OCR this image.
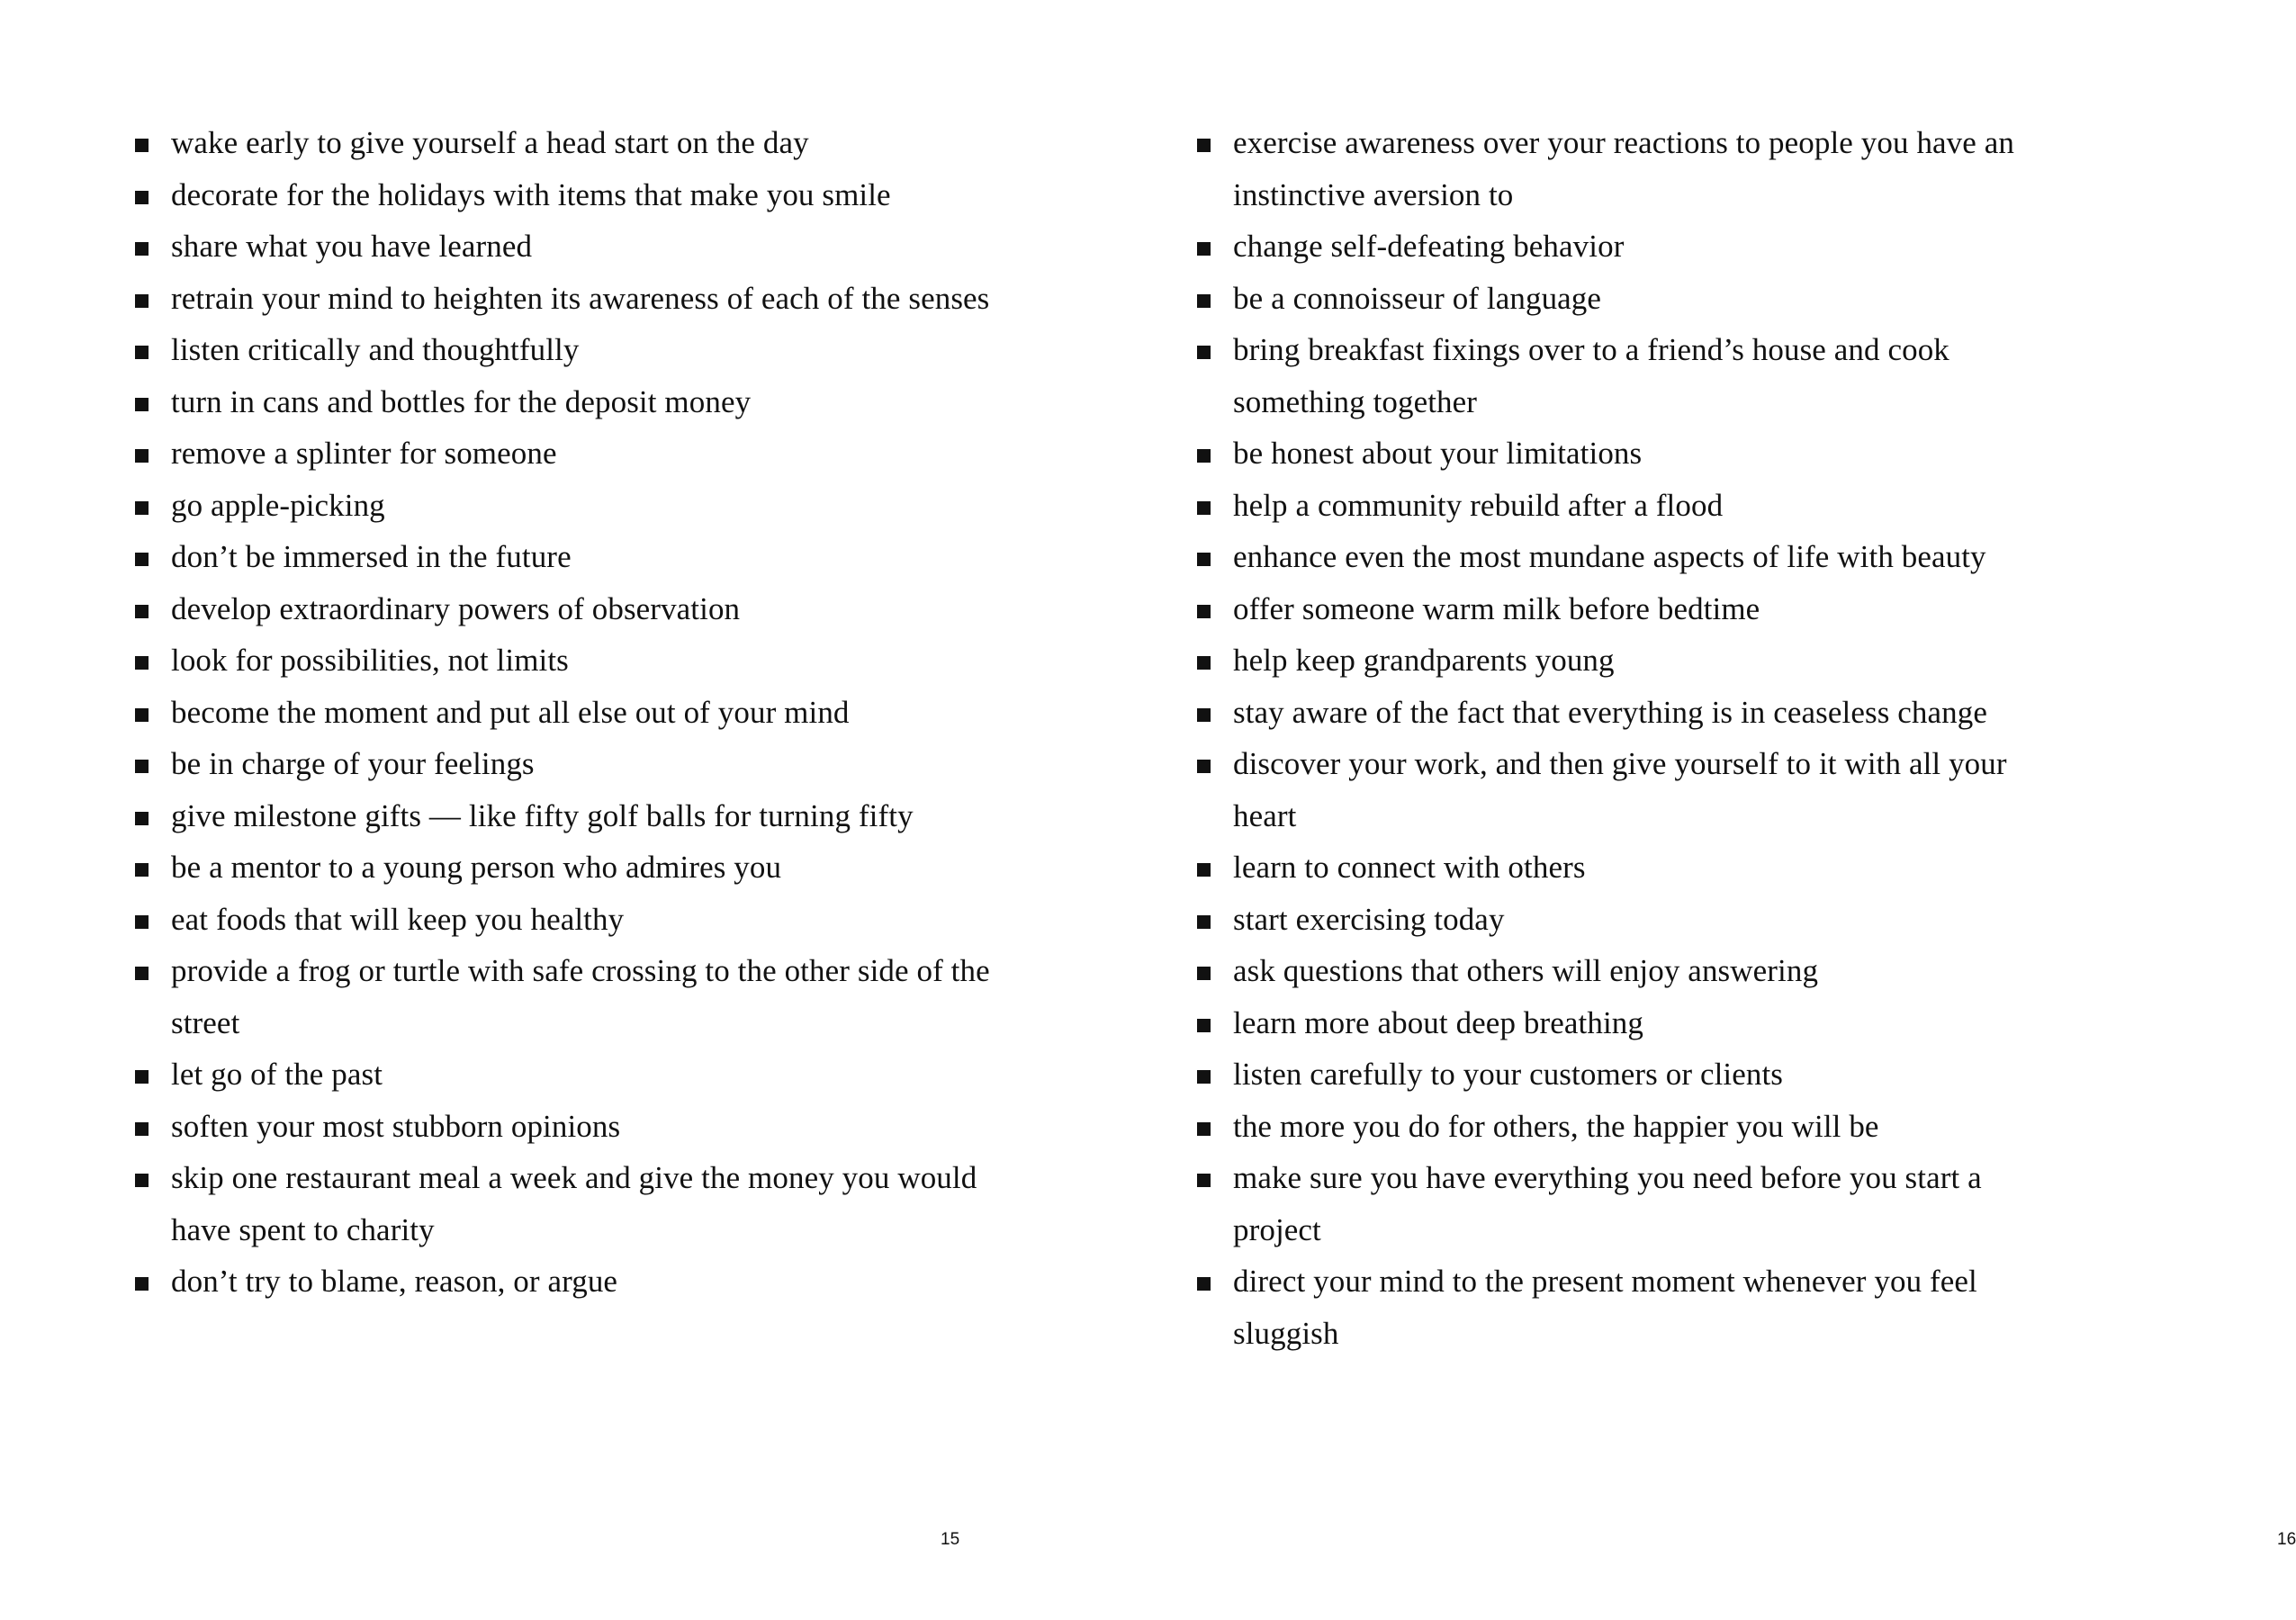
wake early to give yourself a head start on the day
decorate for the holidays with items that make you smile
share what you have learned
retrain your mind to heighten its awareness of each of the senses
listen critically and thoughtfully
turn in cans and bottles for the deposit money
remove a splinter for someone
go apple-picking
don’t be immersed in the future
develop extraordinary powers of observation
look for possibilities, not limits
become the moment and put all else out of your mind
be in charge of your feelings
give milestone gifts — like fifty golf balls for turning fifty
be a mentor to a young person who admires you
eat foods that will keep you healthy
provide a frog or turtle with safe crossing to the other side of the street
let go of the past
soften your most stubborn opinions
skip one restaurant meal a week and give the money you would have spent to charity
don’t try to blame, reason, or argue
15
exercise awareness over your reactions to people you have an instinctive aversion to
change self-defeating behavior
be a connoisseur of language
bring breakfast fixings over to a friend’s house and cook something together
be honest about your limitations
help a community rebuild after a flood
enhance even the most mundane aspects of life with beauty
offer someone warm milk before bedtime
help keep grandparents young
stay aware of the fact that everything is in ceaseless change
discover your work, and then give yourself to it with all your heart
learn to connect with others
start exercising today
ask questions that others will enjoy answering
learn more about deep breathing
listen carefully to your customers or clients
the more you do for others, the happier you will be
make sure you have everything you need before you start a project
direct your mind to the present moment whenever you feel sluggish
16
